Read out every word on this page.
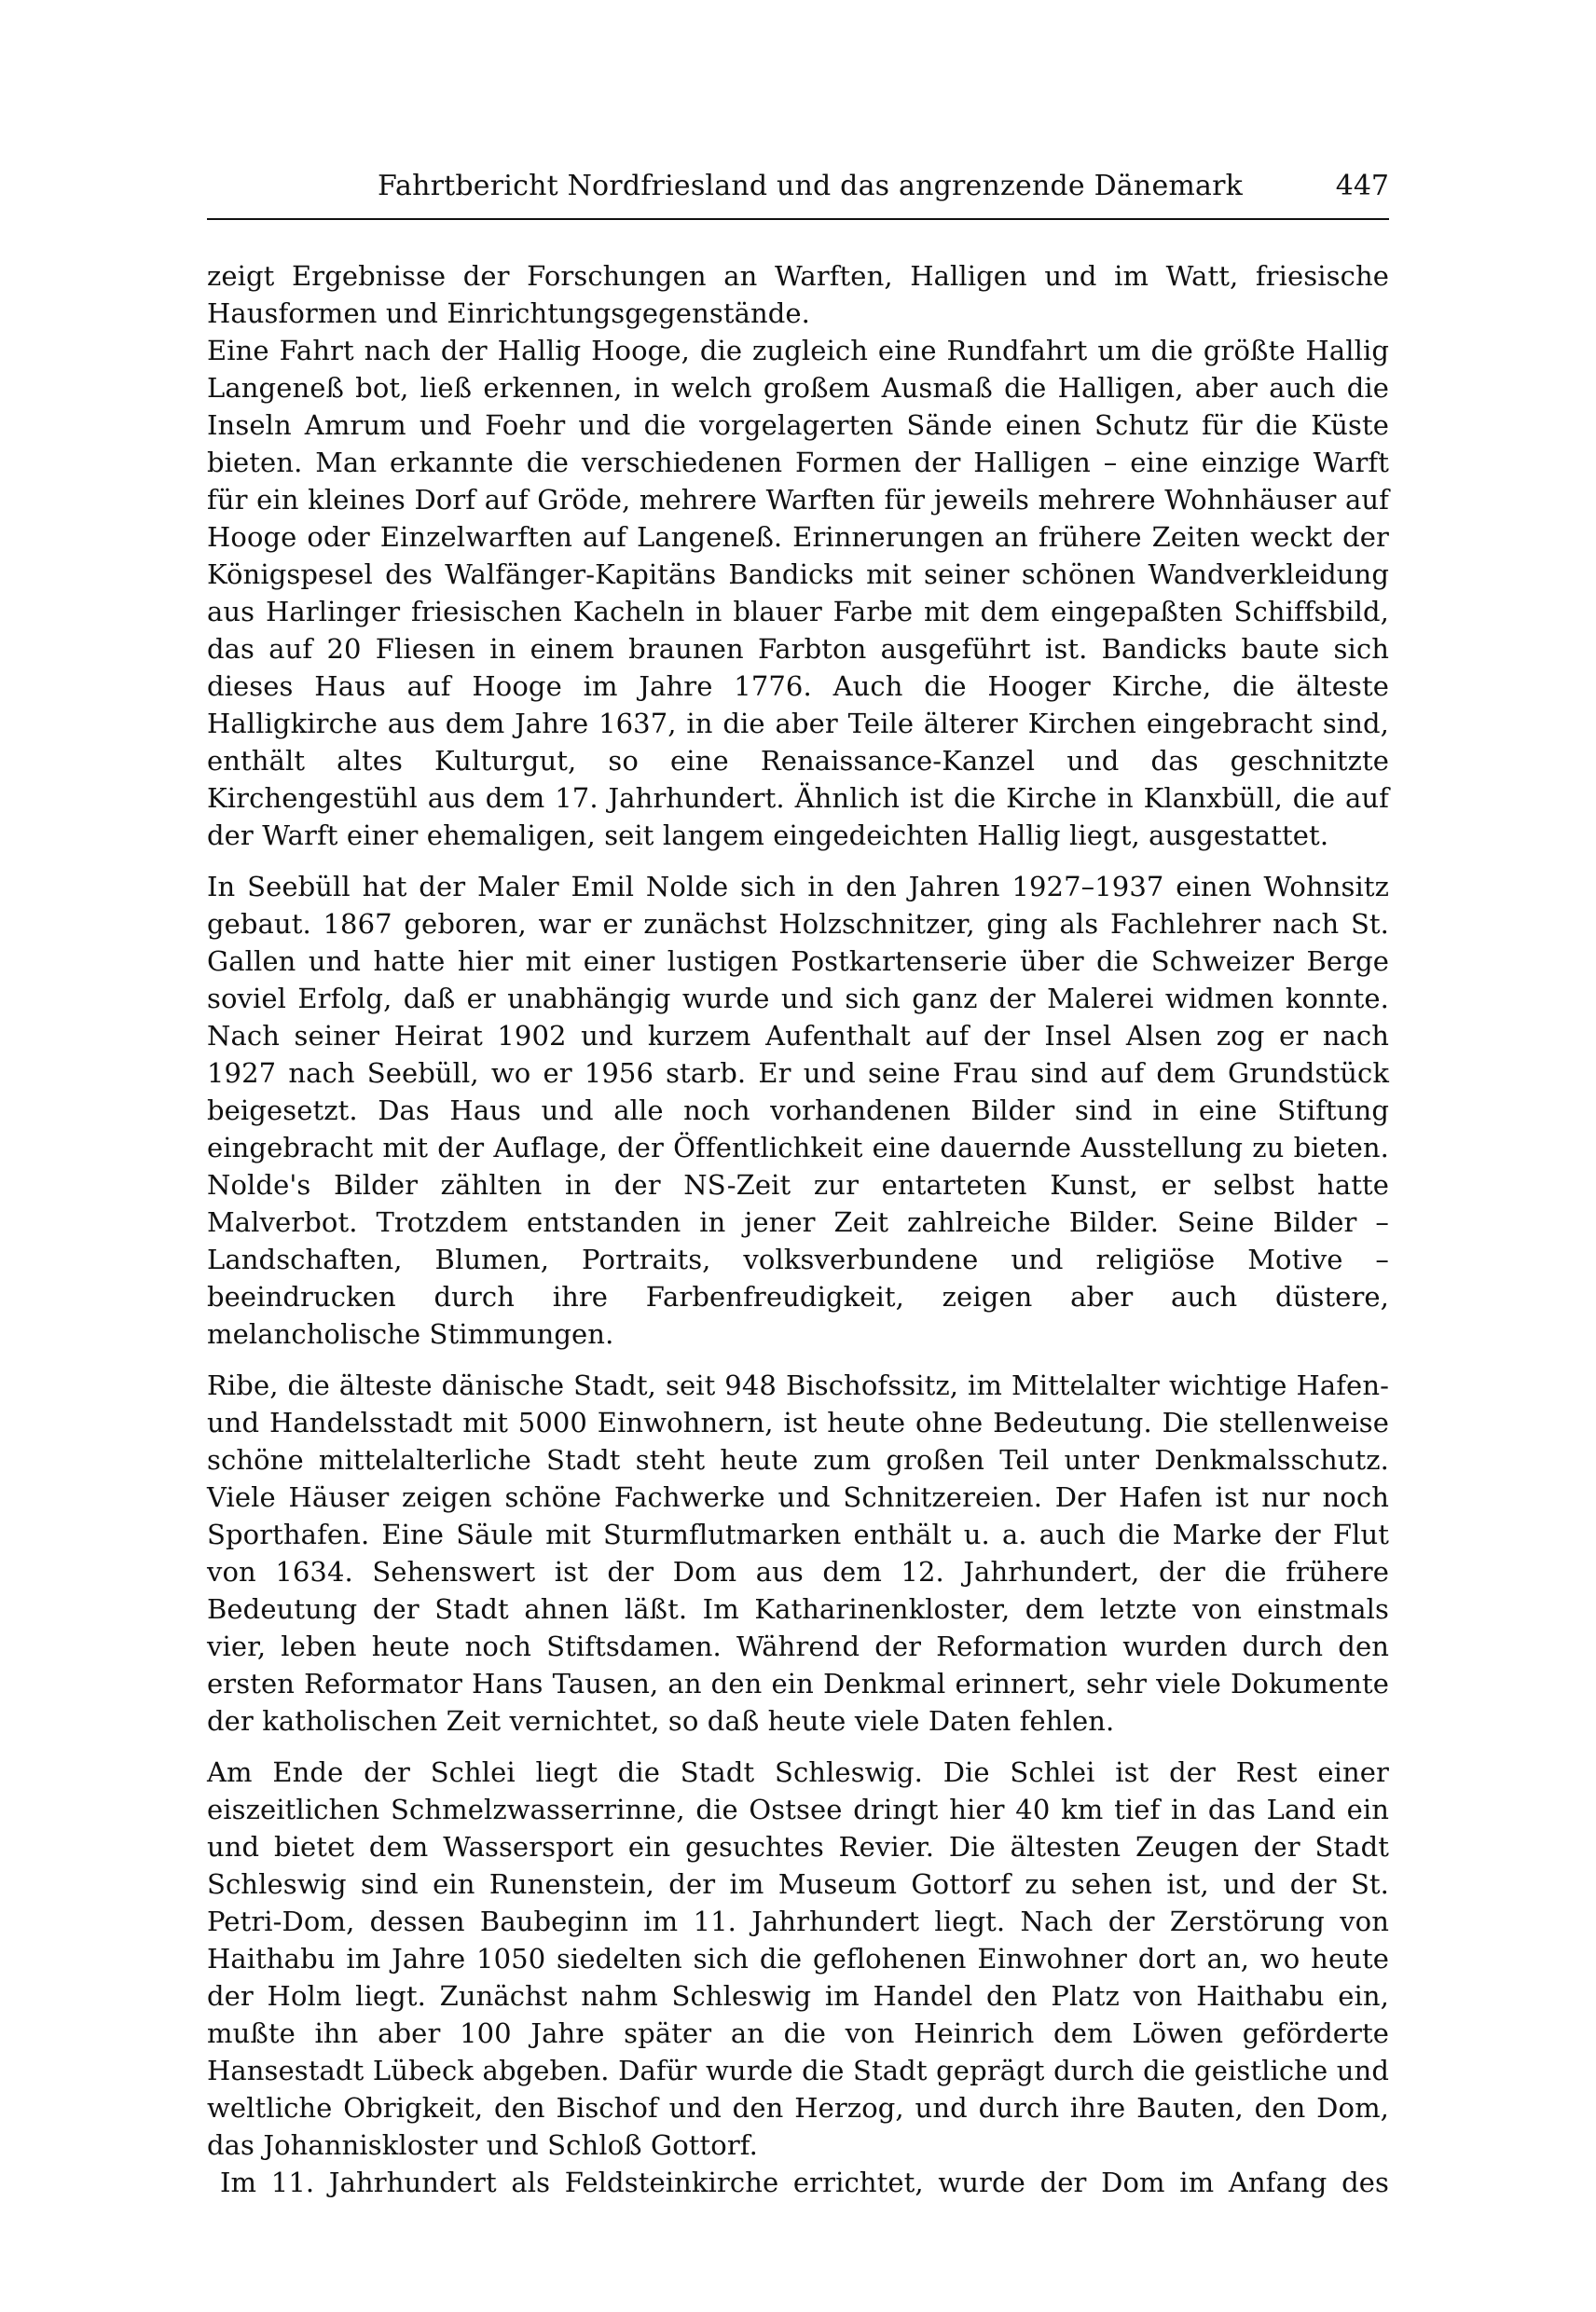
Fahrtbericht Nordfriesland und das angrenzende Dänemark	447

zeigt Ergebnisse der Forschungen an Warften, Halligen und im Watt, friesische Hausformen und Einrichtungsgegenstände.

Eine Fahrt nach der Hallig Hooge, die zugleich eine Rundfahrt um die größte Hallig Langeneß bot, ließ erkennen, in welch großem Ausmaß die Halligen, aber auch die Inseln Amrum und Foehr und die vorgelagerten Sände einen Schutz für die Küste bieten. Man erkannte die verschiedenen Formen der Halligen – eine einzige Warft für ein kleines Dorf auf Gröde, mehrere Warften für jeweils mehrere Wohnhäuser auf Hooge oder Einzelwarften auf Langeneß. Erinnerungen an frühere Zeiten weckt der Königspesel des Walfänger-Kapitäns Bandicks mit seiner schönen Wandverkleidung aus Harlinger friesischen Kacheln in blauer Farbe mit dem eingepaßten Schiffsbild, das auf 20 Fliesen in einem braunen Farbton ausgeführt ist. Bandicks baute sich dieses Haus auf Hooge im Jahre 1776. Auch die Hooger Kirche, die älteste Halligkirche aus dem Jahre 1637, in die aber Teile älterer Kirchen eingebracht sind, enthält altes Kulturgut, so eine Renaissance-Kanzel und das geschnitzte Kirchengestühl aus dem 17. Jahrhundert. Ähnlich ist die Kirche in Klanxbüll, die auf der Warft einer ehemaligen, seit langem eingedeichten Hallig liegt, ausgestattet.

In Seebüll hat der Maler Emil Nolde sich in den Jahren 1927–1937 einen Wohnsitz gebaut. 1867 geboren, war er zunächst Holzschnitzer, ging als Fachlehrer nach St. Gallen und hatte hier mit einer lustigen Postkartenserie über die Schweizer Berge soviel Erfolg, daß er unabhängig wurde und sich ganz der Malerei widmen konnte. Nach seiner Heirat 1902 und kurzem Aufenthalt auf der Insel Alsen zog er nach 1927 nach Seebüll, wo er 1956 starb. Er und seine Frau sind auf dem Grundstück beigesetzt. Das Haus und alle noch vorhandenen Bilder sind in eine Stiftung eingebracht mit der Auflage, der Öffentlichkeit eine dauernde Ausstellung zu bieten. Nolde's Bilder zählten in der NS-Zeit zur entarteten Kunst, er selbst hatte Malverbot. Trotzdem entstanden in jener Zeit zahlreiche Bilder. Seine Bilder – Landschaften, Blumen, Portraits, volksverbundene und religiöse Motive – beeindrucken durch ihre Farbenfreudigkeit, zeigen aber auch düstere, melancholische Stimmungen.

Ribe, die älteste dänische Stadt, seit 948 Bischofssitz, im Mittelalter wichtige Hafen- und Handelsstadt mit 5000 Einwohnern, ist heute ohne Bedeutung. Die stellenweise schöne mittelalterliche Stadt steht heute zum großen Teil unter Denkmalsschutz. Viele Häuser zeigen schöne Fachwerke und Schnitzereien. Der Hafen ist nur noch Sporthafen. Eine Säule mit Sturmflutmarken enthält u. a. auch die Marke der Flut von 1634. Sehenswert ist der Dom aus dem 12. Jahrhundert, der die frühere Bedeutung der Stadt ahnen läßt. Im Katharinenkloster, dem letzte von einstmals vier, leben heute noch Stiftsdamen. Während der Reformation wurden durch den ersten Reformator Hans Tausen, an den ein Denkmal erinnert, sehr viele Dokumente der katholischen Zeit vernichtet, so daß heute viele Daten fehlen.

Am Ende der Schlei liegt die Stadt Schleswig. Die Schlei ist der Rest einer eiszeitlichen Schmelzwasserrinne, die Ostsee dringt hier 40 km tief in das Land ein und bietet dem Wassersport ein gesuchtes Revier. Die ältesten Zeugen der Stadt Schleswig sind ein Runenstein, der im Museum Gottorf zu sehen ist, und der St. Petri-Dom, dessen Baubeginn im 11. Jahrhundert liegt. Nach der Zerstörung von Haithabu im Jahre 1050 siedelten sich die geflohenen Einwohner dort an, wo heute der Holm liegt. Zunächst nahm Schleswig im Handel den Platz von Haithabu ein, mußte ihn aber 100 Jahre später an die von Heinrich dem Löwen geförderte Hansestadt Lübeck abgeben. Dafür wurde die Stadt geprägt durch die geistliche und weltliche Obrigkeit, den Bischof und den Herzog, und durch ihre Bauten, den Dom, das Johanniskloster und Schloß Gottorf.

Im 11. Jahrhundert als Feldsteinkirche errichtet, wurde der Dom im Anfang des
